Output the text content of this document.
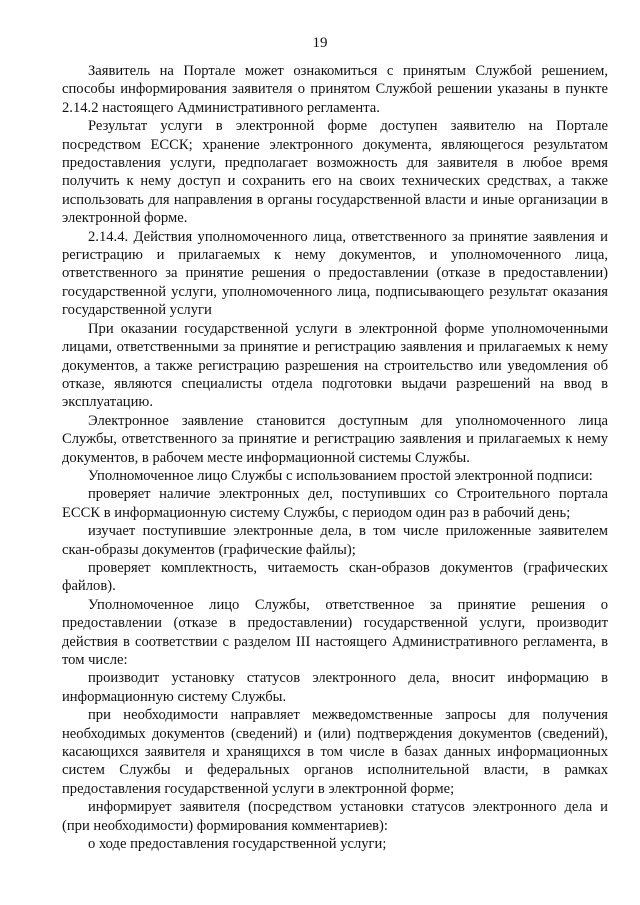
19

Заявитель на Портале может ознакомиться с принятым Службой решением, способы информирования заявителя о принятом Службой решении указаны в пункте 2.14.2 настоящего Административного регламента.

Результат услуги в электронной форме доступен заявителю на Портале посредством ЕССК; хранение электронного документа, являющегося результатом предоставления услуги, предполагает возможность для заявителя в любое время получить к нему доступ и сохранить его на своих технических средствах, а также использовать для направления в органы государственной власти и иные организации в электронной форме.

2.14.4. Действия уполномоченного лица, ответственного за принятие заявления и регистрацию и прилагаемых к нему документов, и уполномоченного лица, ответственного за принятие решения о предоставлении (отказе в предоставлении) государственной услуги, уполномоченного лица, подписывающего результат оказания государственной услуги

При оказании государственной услуги в электронной форме уполномоченными лицами, ответственными за принятие и регистрацию заявления и прилагаемых к нему документов, а также регистрацию разрешения на строительство или уведомления об отказе, являются специалисты отдела подготовки выдачи разрешений на ввод в эксплуатацию.

Электронное заявление становится доступным для уполномоченного лица Службы, ответственного за принятие и регистрацию заявления и прилагаемых к нему документов, в рабочем месте информационной системы Службы.

Уполномоченное лицо Службы с использованием простой электронной подписи:

проверяет наличие электронных дел, поступивших со Строительного портала ЕССК в информационную систему Службы, с периодом один раз в рабочий день;

изучает поступившие электронные дела, в том числе приложенные заявителем скан-образы документов (графические файлы);

проверяет комплектность, читаемость скан-образов документов (графических файлов).

Уполномоченное лицо Службы, ответственное за принятие решения о предоставлении (отказе в предоставлении) государственной услуги, производит действия в соответствии с разделом III настоящего Административного регламента, в том числе:

производит установку статусов электронного дела, вносит информацию в информационную систему Службы.

при необходимости направляет межведомственные запросы для получения необходимых документов (сведений) и (или) подтверждения документов (сведений), касающихся заявителя и хранящихся в том числе в базах данных информационных систем Службы и федеральных органов исполнительной власти, в рамках предоставления государственной услуги в электронной форме;

информирует заявителя (посредством установки статусов электронного дела и (при необходимости) формирования комментариев):

о ходе предоставления государственной услуги;
